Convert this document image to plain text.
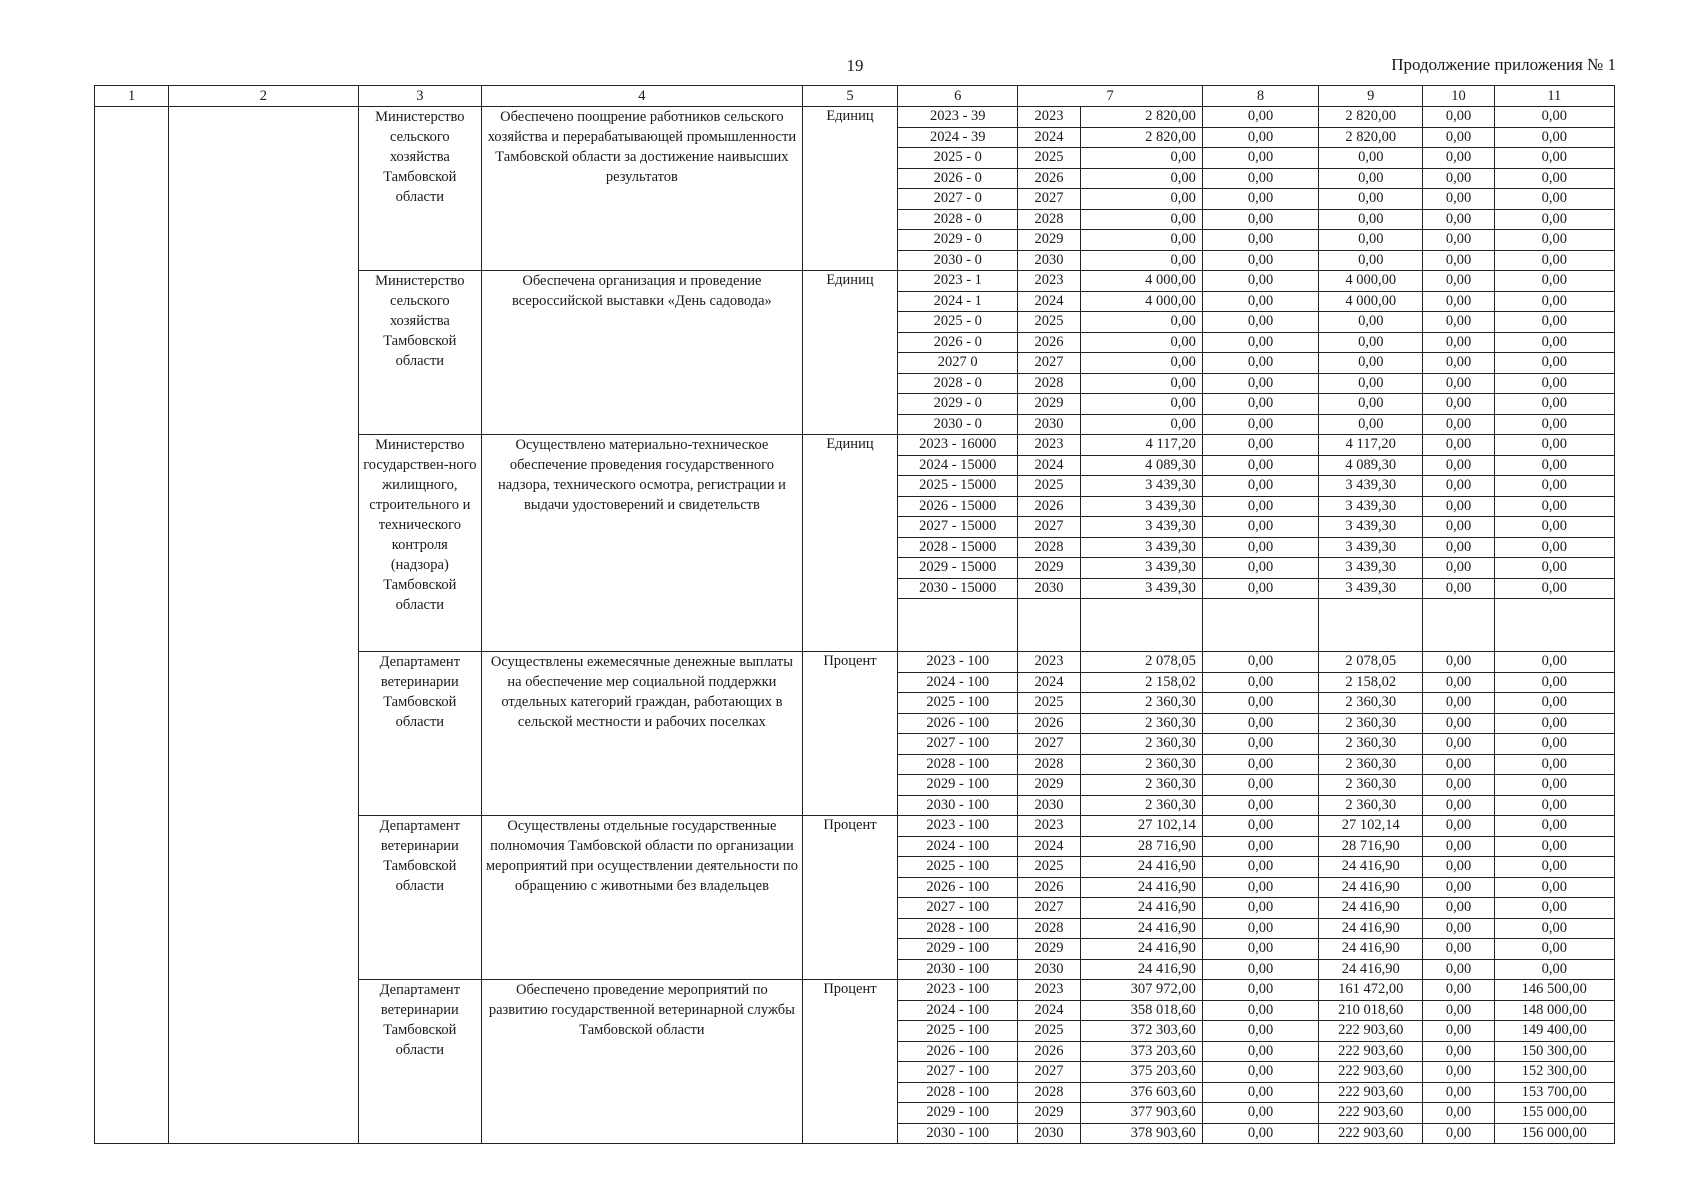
19	Продолжение приложения № 1
1	2	3	4	5	6	7		8	9	10	11
		Министерство сельского хозяйства Тамбовской области	Обеспечено поощрение работников сельского хозяйства и перерабатывающей промышленности Тамбовской области за достижение наивысших результатов	Единиц	2023 - 39	2023	2 820,00	0,00	2 820,00	0,00	0,00
					2024 - 39	2024	2 820,00	0,00	2 820,00	0,00	0,00
					2025 - 0	2025	0,00	0,00	0,00	0,00	0,00
					2026 - 0	2026	0,00	0,00	0,00	0,00	0,00
					2027 - 0	2027	0,00	0,00	0,00	0,00	0,00
					2028 - 0	2028	0,00	0,00	0,00	0,00	0,00
					2029 - 0	2029	0,00	0,00	0,00	0,00	0,00
					2030 - 0	2030	0,00	0,00	0,00	0,00	0,00
		Министерство сельского хозяйства Тамбовской области	Обеспечена организация и проведение всероссийской выставки «День садовода»	Единиц	2023 - 1	2023	4 000,00	0,00	4 000,00	0,00	0,00
					2024 - 1	2024	4 000,00	0,00	4 000,00	0,00	0,00
					2025 - 0	2025	0,00	0,00	0,00	0,00	0,00
					2026 - 0	2026	0,00	0,00	0,00	0,00	0,00
					2027 0	2027	0,00	0,00	0,00	0,00	0,00
					2028 - 0	2028	0,00	0,00	0,00	0,00	0,00
					2029 - 0	2029	0,00	0,00	0,00	0,00	0,00
					2030 - 0	2030	0,00	0,00	0,00	0,00	0,00
		Министерство государствен-ного жилищного, строительного и технического контроля (надзора) Тамбовской области	Осуществлено материально-техническое обеспечение проведения государственного надзора, технического осмотра, регистрации и выдачи удостоверений и свидетельств	Единиц	2023 - 16000	2023	4 117,20	0,00	4 117,20	0,00	0,00
					2024 - 15000	2024	4 089,30	0,00	4 089,30	0,00	0,00
					2025 - 15000	2025	3 439,30	0,00	3 439,30	0,00	0,00
					2026 - 15000	2026	3 439,30	0,00	3 439,30	0,00	0,00
					2027 - 15000	2027	3 439,30	0,00	3 439,30	0,00	0,00
					2028 - 15000	2028	3 439,30	0,00	3 439,30	0,00	0,00
					2029 - 15000	2029	3 439,30	0,00	3 439,30	0,00	0,00
					2030 - 15000	2030	3 439,30	0,00	3 439,30	0,00	0,00

		Департамент ветеринарии Тамбовской области	Осуществлены ежемесячные денежные выплаты на обеспечение мер социальной поддержки отдельных категорий граждан, работающих в сельской местности и рабочих поселках	Процент	2023 - 100	2023	2 078,05	0,00	2 078,05	0,00	0,00
					2024 - 100	2024	2 158,02	0,00	2 158,02	0,00	0,00
					2025 - 100	2025	2 360,30	0,00	2 360,30	0,00	0,00
					2026 - 100	2026	2 360,30	0,00	2 360,30	0,00	0,00
					2027 - 100	2027	2 360,30	0,00	2 360,30	0,00	0,00
					2028 - 100	2028	2 360,30	0,00	2 360,30	0,00	0,00
					2029 - 100	2029	2 360,30	0,00	2 360,30	0,00	0,00
					2030 - 100	2030	2 360,30	0,00	2 360,30	0,00	0,00
		Департамент ветеринарии Тамбовской области	Осуществлены отдельные государственные полномочия Тамбовской области по организации мероприятий при осуществлении деятельности по обращению с животными без владельцев	Процент	2023 - 100	2023	27 102,14	0,00	27 102,14	0,00	0,00
					2024 - 100	2024	28 716,90	0,00	28 716,90	0,00	0,00
					2025 - 100	2025	24 416,90	0,00	24 416,90	0,00	0,00
					2026 - 100	2026	24 416,90	0,00	24 416,90	0,00	0,00
					2027 - 100	2027	24 416,90	0,00	24 416,90	0,00	0,00
					2028 - 100	2028	24 416,90	0,00	24 416,90	0,00	0,00
					2029 - 100	2029	24 416,90	0,00	24 416,90	0,00	0,00
					2030 - 100	2030	24 416,90	0,00	24 416,90	0,00	0,00
		Департамент ветеринарии Тамбовской области	Обеспечено проведение мероприятий по развитию государственной ветеринарной службы Тамбовской области	Процент	2023 - 100	2023	307 972,00	0,00	161 472,00	0,00	146 500,00
					2024 - 100	2024	358 018,60	0,00	210 018,60	0,00	148 000,00
					2025 - 100	2025	372 303,60	0,00	222 903,60	0,00	149 400,00
					2026 - 100	2026	373 203,60	0,00	222 903,60	0,00	150 300,00
					2027 - 100	2027	375 203,60	0,00	222 903,60	0,00	152 300,00
					2028 - 100	2028	376 603,60	0,00	222 903,60	0,00	153 700,00
					2029 - 100	2029	377 903,60	0,00	222 903,60	0,00	155 000,00
					2030 - 100	2030	378 903,60	0,00	222 903,60	0,00	156 000,00
